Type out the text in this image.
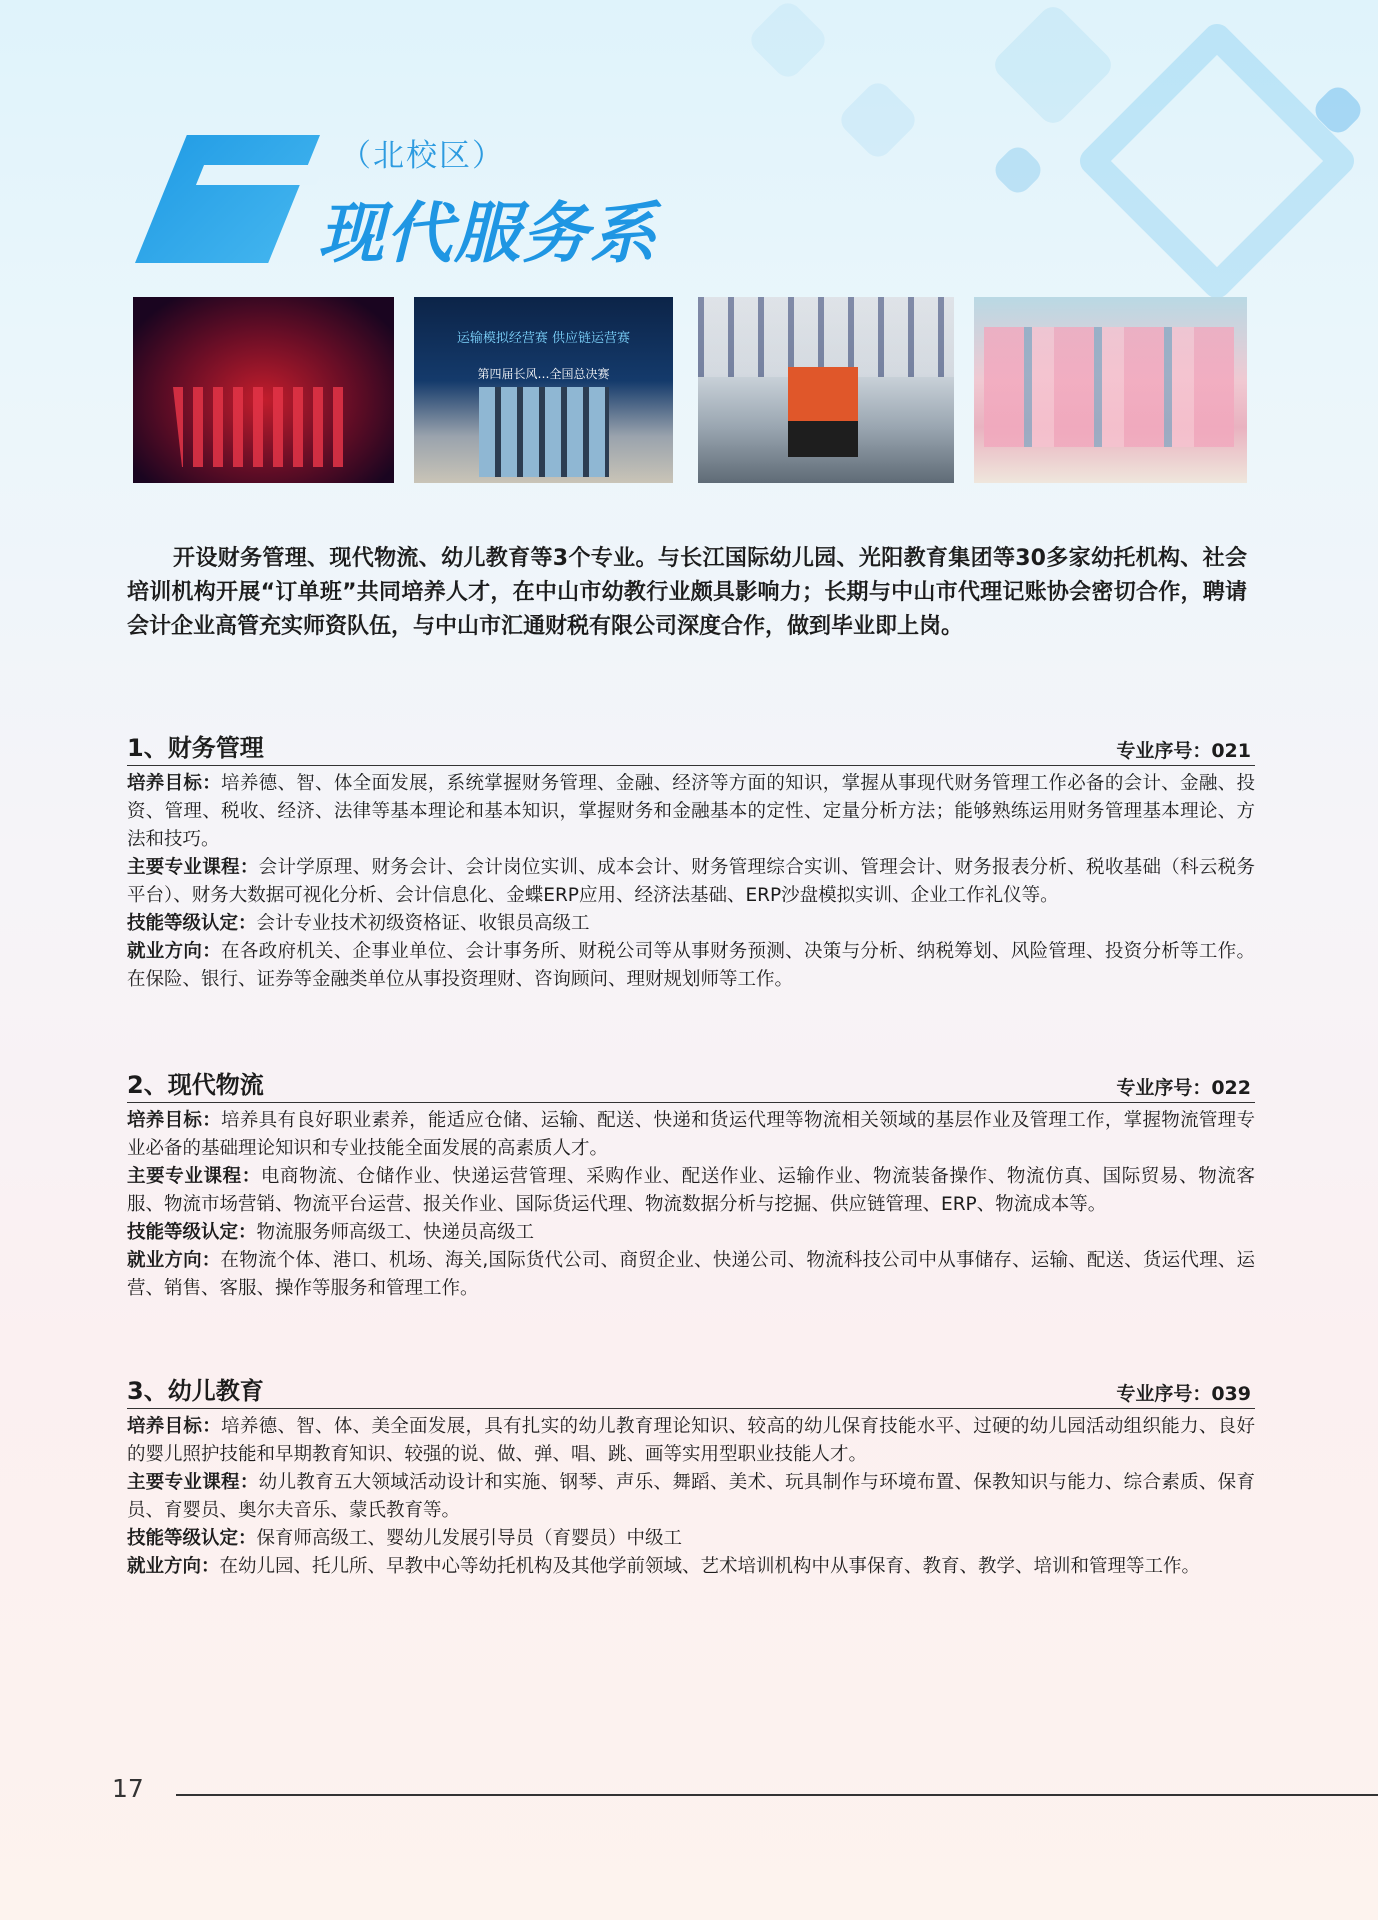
（北校区）
现代服务系
运输模拟经营赛 供应链运营赛
第四届长风…全国总决赛

开设财务管理、现代物流、幼儿教育等3个专业。与长江国际幼儿园、光阳教育集团等30多家幼托机构、社会培训机构开展“订单班”共同培养人才，在中山市幼教行业颇具影响力；长期与中山市代理记账协会密切合作，聘请会计企业高管充实师资队伍，与中山市汇通财税有限公司深度合作，做到毕业即上岗。

1、财务管理	专业序号：021

培养目标：培养德、智、体全面发展，系统掌握财务管理、金融、经济等方面的知识，掌握从事现代财务管理工作必备的会计、金融、投资、管理、税收、经济、法律等基本理论和基本知识，掌握财务和金融基本的定性、定量分析方法；能够熟练运用财务管理基本理论、方法和技巧。

主要专业课程：会计学原理、财务会计、会计岗位实训、成本会计、财务管理综合实训、管理会计、财务报表分析、税收基础（科云税务平台）、财务大数据可视化分析、会计信息化、金蝶ERP应用、经济法基础、ERP沙盘模拟实训、企业工作礼仪等。

技能等级认定：会计专业技术初级资格证、收银员高级工

就业方向：在各政府机关、企事业单位、会计事务所、财税公司等从事财务预测、决策与分析、纳税筹划、风险管理、投资分析等工作。在保险、银行、证券等金融类单位从事投资理财、咨询顾问、理财规划师等工作。

2、现代物流	专业序号：022

培养目标：培养具有良好职业素养，能适应仓储、运输、配送、快递和货运代理等物流相关领域的基层作业及管理工作，掌握物流管理专业必备的基础理论知识和专业技能全面发展的高素质人才。

主要专业课程：电商物流、仓储作业、快递运营管理、采购作业、配送作业、运输作业、物流装备操作、物流仿真、国际贸易、物流客服、物流市场营销、物流平台运营、报关作业、国际货运代理、物流数据分析与挖掘、供应链管理、ERP、物流成本等。

技能等级认定：物流服务师高级工、快递员高级工

就业方向：在物流个体、港口、机场、海关,国际货代公司、商贸企业、快递公司、物流科技公司中从事储存、运输、配送、货运代理、运营、销售、客服、操作等服务和管理工作。

3、幼儿教育	专业序号：039

培养目标：培养德、智、体、美全面发展，具有扎实的幼儿教育理论知识、较高的幼儿保育技能水平、过硬的幼儿园活动组织能力、良好的婴儿照护技能和早期教育知识、较强的说、做、弹、唱、跳、画等实用型职业技能人才。

主要专业课程：幼儿教育五大领域活动设计和实施、钢琴、声乐、舞蹈、美术、玩具制作与环境布置、保教知识与能力、综合素质、保育员、育婴员、奥尔夫音乐、蒙氏教育等。

技能等级认定：保育师高级工、婴幼儿发展引导员（育婴员）中级工

就业方向：在幼儿园、托儿所、早教中心等幼托机构及其他学前领域、艺术培训机构中从事保育、教育、教学、培训和管理等工作。

17
